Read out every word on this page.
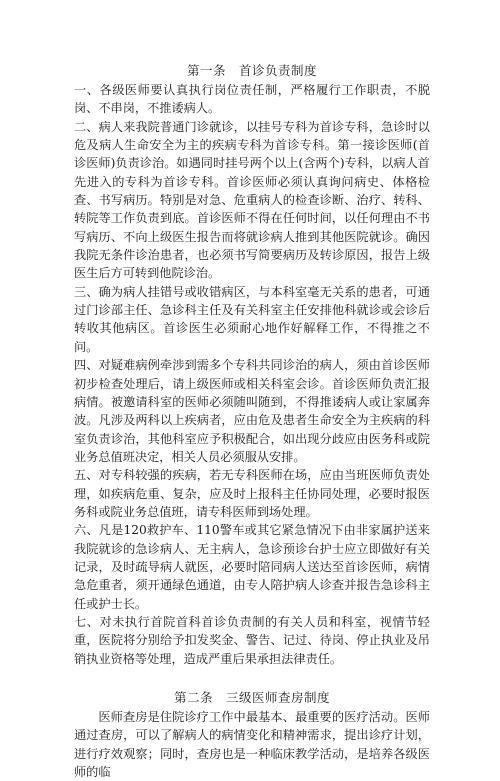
第一条　首诊负责制度

一、各级医师要认真执行岗位责任制，严格履行工作职责，不脱岗、不串岗，不推诿病人。

二、病人来我院普通门诊就诊，以挂号专科为首诊专科，急诊时以危及病人生命安全为主的疾病专科为首诊专科。第一接诊医师(首诊医师)负责诊治。如遇同时挂号两个以上(含两个)专科，以病人首先进入的专科为首诊专科。首诊医师必须认真询问病史、体格检查、书写病历。特别是对急、危重病人的检查诊断、治疗、转科、转院等工作负责到底。首诊医师不得在任何时间，以任何理由不书写病历、不向上级医生报告而将就诊病人推到其他医院就诊。确因我院无条件诊治患者，也必须书写简要病历及转诊原因，报告上级医生后方可转到他院诊治。

三、确为病人挂错号或收错病区，与本科室毫无关系的患者，可通过门诊部主任、急诊科主任及有关科室主任安排他科就诊或会诊后转收其他病区。首诊医生必须耐心地作好解释工作，不得推之不问。

四、对疑难病例牵涉到需多个专科共同诊治的病人，须由首诊医师初步检查处理后，请上级医师或相关科室会诊。首诊医师负责汇报病情。被邀请科室的医师必须随叫随到，不得推诿病人或让家属奔波。凡涉及两科以上疾病者，应由危及患者生命安全为主疾病的科室负责诊治，其他科室应予积极配合，如出现分歧应由医务科或院业务总值班决定，相关人员必须服从安排。

五、对专科较强的疾病，若无专科医师在场，应由当班医师负责处理，如疾病危重、复杂，应及时上报科主任协同处理，必要时报医务科或院业务总值班，请专科医师到场处理。

六、凡是120救护车、110警车或其它紧急情况下由非家属护送来我院就诊的急诊病人、无主病人，急诊预诊台护士应立即做好有关记录，及时疏导病人就医，必要时陪同病人送达至首诊医师，病情急危重者，须开通绿色通道，由专人陪护病人诊查并报告急诊科主任或护士长。

七、对未执行首院首科首诊负责制的有关人员和科室，视情节轻重，医院将分别给予扣发奖金、警告、记过、待岗、停止执业及吊销执业资格等处理，造成严重后果承担法律责任。

第二条　三级医师查房制度

医师查房是住院诊疗工作中最基本、最重要的医疗活动。医师通过查房，可以了解病人的病情变化和精神需求，提出诊疗计划，进行疗效观察；同时，查房也是一种临床教学活动，是培养各级医师的临
